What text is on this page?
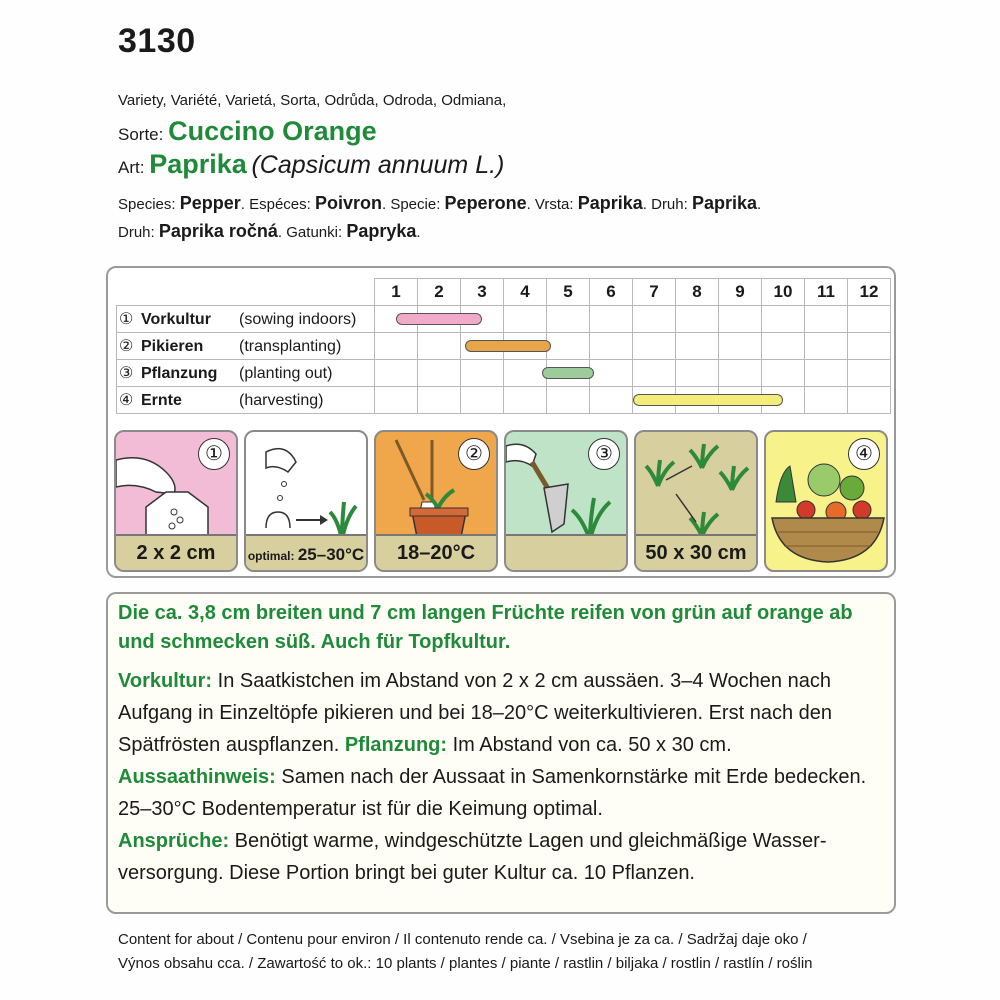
3130
Variety, Variété, Varietá, Sorta, Odrůda, Odroda, Odmiana,
Sorte: Cuccino Orange
Art: Paprika (Capsicum annuum L.)
Species: Pepper. Espéces: Poivron. Specie: Peperone. Vrsta: Paprika. Druh: Paprika.
Druh: Paprika ročná. Gatunki: Papryka.
	1	2	3	4	5	6	7	8	9	10	11	12
① Vorkultur (sowing indoors)												
② Pikieren (transplanting)												
③ Pflanzung (planting out)												
④ Ernte (harvesting)												
①
2 x 2 cm	optimal: 25–30°C
②
18–20°C
③
50 x 30 cm
④
Die ca. 3,8 cm breiten und 7 cm langen Früchte reifen von grün auf orange ab und schmecken süß. Auch für Topfkultur.
Vorkultur: In Saatkistchen im Abstand von 2 x 2 cm aussäen. 3–4 Wochen nach Aufgang in Einzeltöpfe pikieren und bei 18–20°C weiterkultivieren. Erst nach den Spätfrösten auspflanzen. Pflanzung: Im Abstand von ca. 50 x 30 cm.
Aussaathinweis: Samen nach der Aussaat in Samenkornstärke mit Erde bedecken. 25–30°C Bodentemperatur ist für die Keimung optimal.
Ansprüche: Benötigt warme, windgeschützte Lagen und gleichmäßige Wasserversorgung. Diese Portion bringt bei guter Kultur ca. 10 Pflanzen.
Content for about / Contenu pour environ / Il contenuto rende ca. / Vsebina je za ca. / Sadržaj daje oko /
Výnos obsahu cca. / Zawartość to ok.: 10 plants / plantes / piante / rastlin / biljaka / rostlin / rastlín / roślin
